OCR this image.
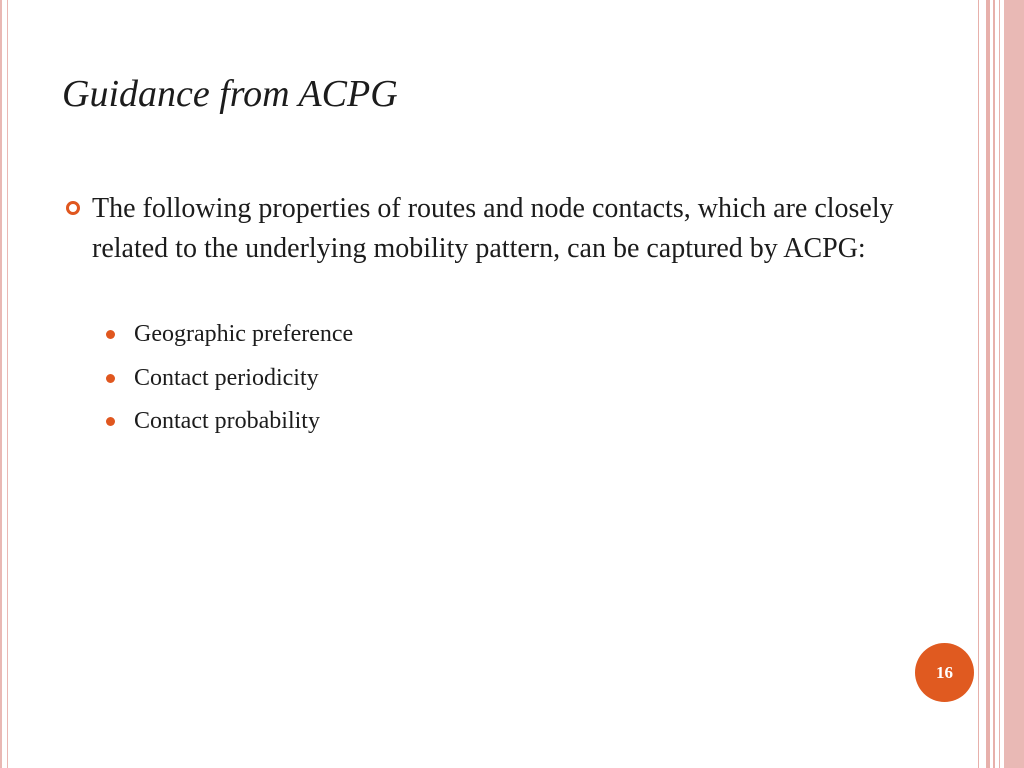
Guidance from ACPG
The following properties of routes and node contacts, which are closely related to the underlying mobility pattern, can be captured by ACPG:
Geographic preference
Contact periodicity
Contact probability
16
